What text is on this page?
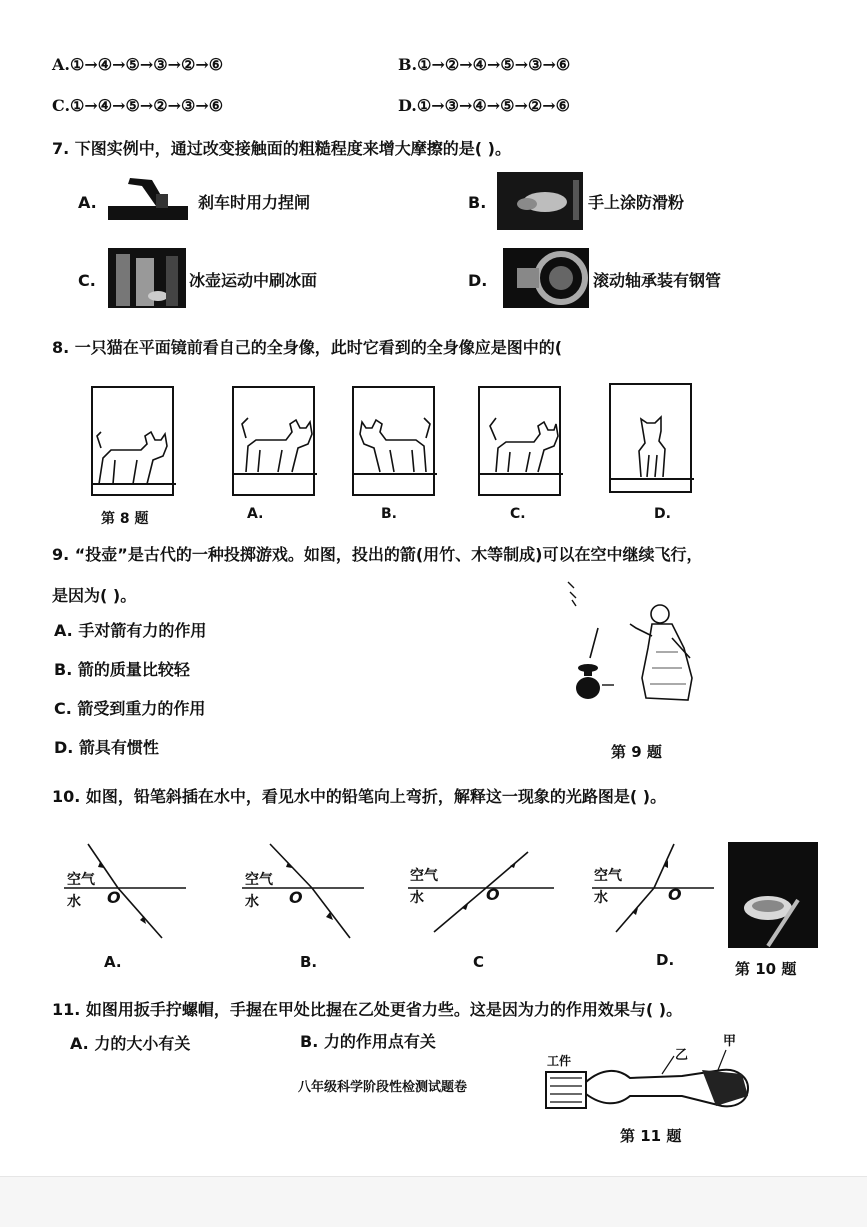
A.①→④→⑤→③→②→⑥	B.①→②→④→⑤→③→⑥
C.①→④→⑤→②→③→⑥	D.①→③→④→⑤→②→⑥
7. 下图实例中，通过改变接触面的粗糙程度来增大摩擦的是( )。
A.	刹车时用力捏闸	B.	手上涂防滑粉
C.	冰壶运动中刷冰面	D.	滚动轴承装有钢管
8. 一只猫在平面镜前看自己的全身像，此时它看到的全身像应是图中的(
第 8 题	A.	B.	C.	D.
9. “投壶”是古代的一种投掷游戏。如图，投出的箭(用竹、木等制成)可以在空中继续飞行，
是因为( )。
A. 手对箭有力的作用
B. 箭的质量比较轻
C. 箭受到重力的作用
D. 箭具有惯性	第 9 题
10. 如图，铅笔斜插在水中，看见水中的铅笔向上弯折，解释这一现象的光路图是( )。
空气
水 O
空气
水 O
空气
水	O
空气
水	O
A.	B.	C	D.	第 10 题
11. 如图用扳手拧螺帽，手握在甲处比握在乙处更省力些。这是因为力的作用效果与( )。
A. 力的大小有关	B. 力的作用点有关
工件	乙
甲
八年级科学阶段性检测试题卷
第 11 题
